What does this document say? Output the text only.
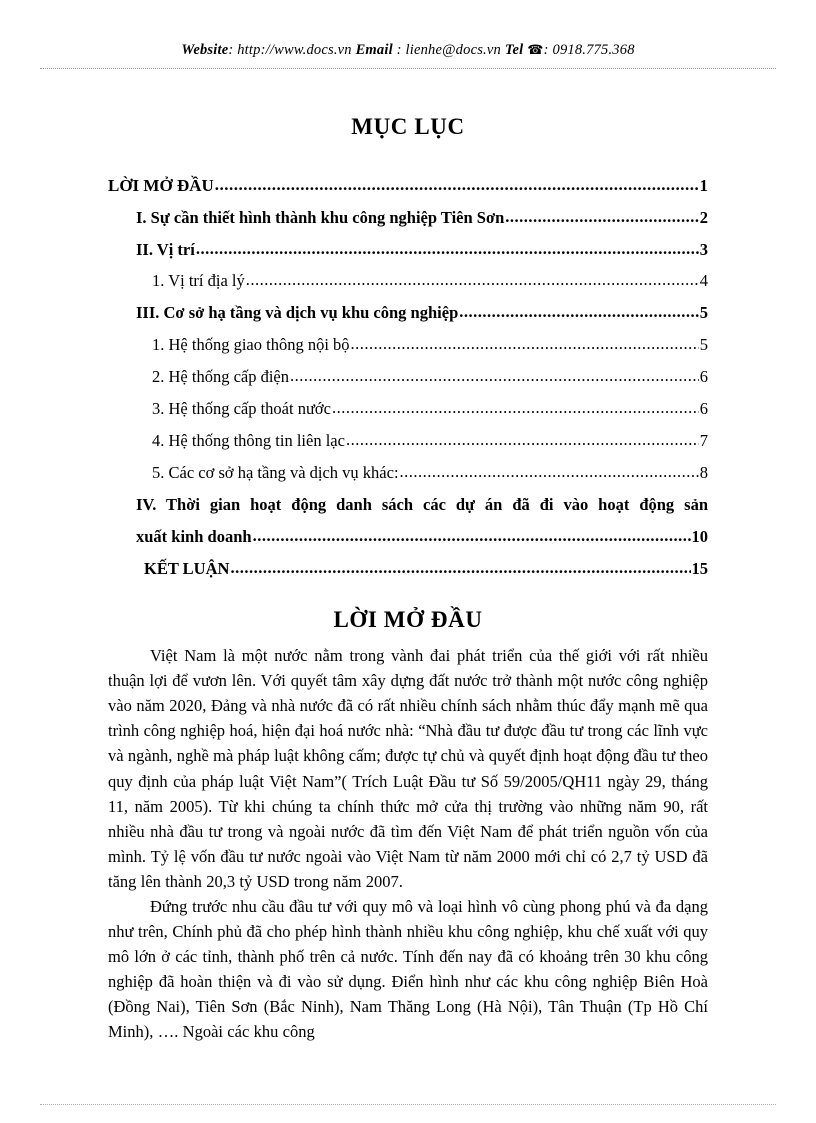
Website: http://www.docs.vn Email : lienhe@docs.vn Tel ☎: 0918.775.368
MỤC LỤC
LỜI MỞ ĐẦU .....	1
I. Sự cần thiết hình thành khu công nghiệp Tiên Sơn .....	2
II. Vị trí .....	3
1. Vị trí địa lý .....	4
III. Cơ sở hạ tầng và dịch vụ khu công nghiệp .....	5
1. Hệ thống giao thông nội bộ .....	5
2. Hệ thống cấp điện .....	6
3. Hệ thống cấp thoát nước .....	6
4. Hệ thống thông tin liên lạc .....	7
5. Các cơ sở hạ tầng và dịch vụ khác: .....	8
IV. Thời gian hoạt động danh sách các dự án đã đi vào hoạt động sản
xuất kinh doanh .....	10
KẾT LUẬN .....	15
LỜI MỞ ĐẦU

Việt Nam là một nước nằm trong vành đai phát triển của thế giới với rất nhiều thuận lợi để vươn lên. Với quyết tâm xây dựng đất nước trở thành một nước công nghiệp vào năm 2020, Đảng và nhà nước đã có rất nhiều chính sách nhằm thúc đẩy mạnh mẽ qua trình công nghiệp hoá, hiện đại hoá nước nhà: “Nhà đầu tư được đầu tư trong các lĩnh vực và ngành, nghề mà pháp luật không cấm; được tự chủ và quyết định hoạt động đầu tư theo quy định của pháp luật Việt Nam”( Trích Luật Đầu tư Số 59/2005/QH11 ngày 29, tháng 11, năm 2005). Từ khi chúng ta chính thức mở cửa thị trường vào những năm 90, rất nhiều nhà đầu tư trong và ngoài nước đã tìm đến Việt Nam để phát triển nguồn vốn của mình. Tỷ lệ vốn đầu tư nước ngoài vào Việt Nam từ năm 2000 mới chỉ có 2,7 tỷ USD đã tăng lên thành 20,3 tỷ USD trong năm 2007.

Đứng trước nhu cầu đầu tư với quy mô và loại hình vô cùng phong phú và đa dạng như trên, Chính phủ đã cho phép hình thành nhiều khu công nghiệp, khu chế xuất với quy mô lớn ở các tỉnh, thành phố trên cả nước. Tính đến nay đã có khoảng trên 30 khu công nghiệp đã hoàn thiện và đi vào sử dụng. Điển hình như các khu công nghiệp Biên Hoà (Đồng Nai), Tiên Sơn (Bắc Ninh), Nam Thăng Long (Hà Nội), Tân Thuận (Tp Hồ Chí Minh), …. Ngoài các khu công
